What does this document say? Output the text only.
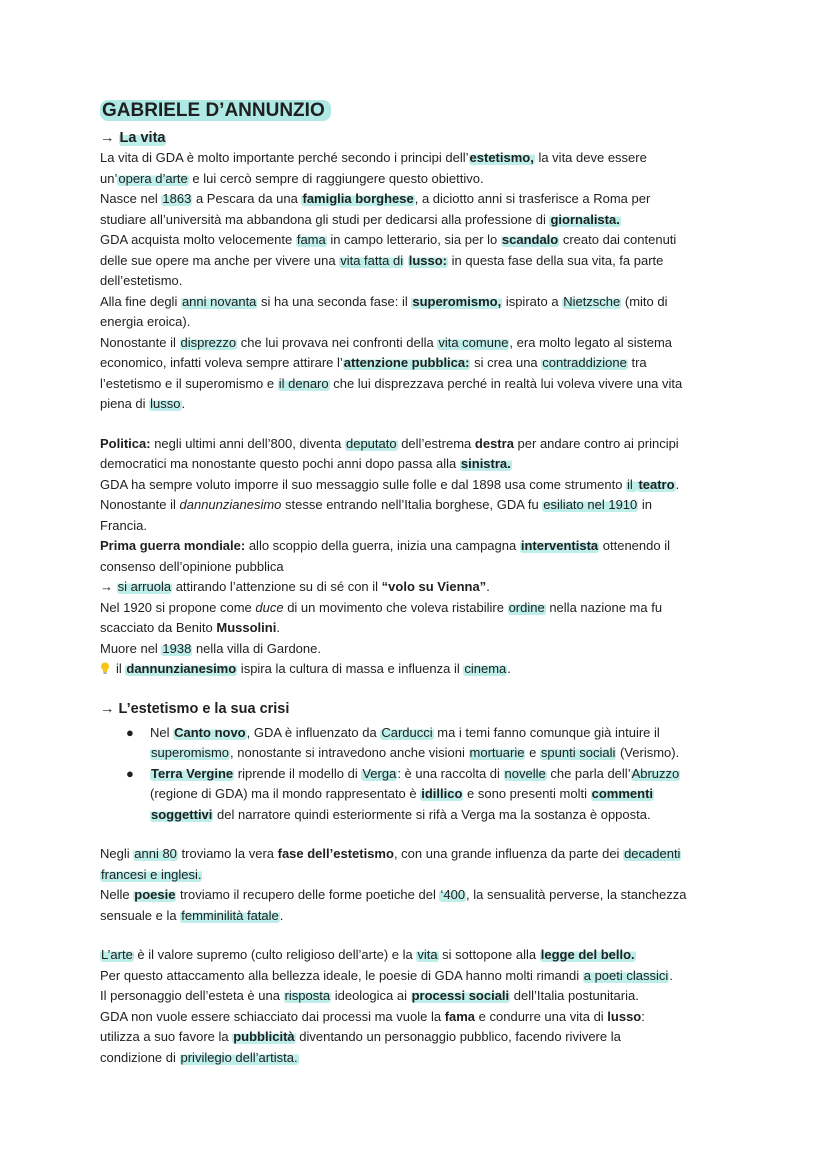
GABRIELE D’ANNUNZIO
→ La vita

La vita di GDA è molto importante perché secondo i principi dell’estetismo, la vita deve essere

un’opera d’arte e lui cercò sempre di raggiungere questo obiettivo.

Nasce nel 1863 a Pescara da una famiglia borghese, a diciotto anni si trasferisce a Roma per

studiare all’università ma abbandona gli studi per dedicarsi alla professione di giornalista.

GDA acquista molto velocemente fama in campo letterario, sia per lo scandalo creato dai contenuti

delle sue opere ma anche per vivere una vita fatta di lusso: in questa fase della sua vita, fa parte

dell’estetismo.

Alla fine degli anni novanta si ha una seconda fase: il superomismo, ispirato a Nietzsche (mito di

energia eroica).

Nonostante il disprezzo che lui provava nei confronti della vita comune, era molto legato al sistema

economico, infatti voleva sempre attirare l’attenzione pubblica: si crea una contraddizione tra

l’estetismo e il superomismo e il denaro che lui disprezzava perché in realtà lui voleva vivere una vita

piena di lusso.

Politica: negli ultimi anni dell’800, diventa deputato dell’estrema destra per andare contro ai principi

democratici ma nonostante questo pochi anni dopo passa alla sinistra.

GDA ha sempre voluto imporre il suo messaggio sulle folle e dal 1898 usa come strumento il teatro.

Nonostante il dannunzianesimo stesse entrando nell’Italia borghese, GDA fu esiliato nel 1910 in

Francia.

Prima guerra mondiale: allo scoppio della guerra, inizia una campagna interventista ottenendo il

consenso dell’opinione pubblica

→ si arruola attirando l’attenzione su di sé con il “volo su Vienna”.

Nel 1920 si propone come duce di un movimento che voleva ristabilire ordine nella nazione ma fu

scacciato da Benito Mussolini.

Muore nel 1938 nella villa di Gardone.

il dannunzianesimo ispira la cultura di massa e influenza il cinema.

→ L’estetismo e la sua crisi
● Nel Canto novo, GDA è influenzato da Carducci ma i temi fanno comunque già intuire il

superomismo, nonostante si intravedono anche visioni mortuarie e spunti sociali (Verismo).

● Terra Vergine riprende il modello di Verga: è una raccolta di novelle che parla dell’Abruzzo

(regione di GDA) ma il mondo rappresentato è idillico e sono presenti molti commenti

soggettivi del narratore quindi esteriormente si rifà a Verga ma la sostanza è opposta.

Negli anni 80 troviamo la vera fase dell’estetismo, con una grande influenza da parte dei decadenti

francesi e inglesi.

Nelle poesie troviamo il recupero delle forme poetiche del ‘400, la sensualità perverse, la stanchezza

sensuale e la femminilità fatale.

L’arte è il valore supremo (culto religioso dell’arte) e la vita si sottopone alla legge del bello.

Per questo attaccamento alla bellezza ideale, le poesie di GDA hanno molti rimandi a poeti classici.

Il personaggio dell’esteta è una risposta ideologica ai processi sociali dell’Italia postunitaria.

GDA non vuole essere schiacciato dai processi ma vuole la fama e condurre una vita di lusso:

utilizza a suo favore la pubblicità diventando un personaggio pubblico, facendo rivivere la

condizione di privilegio dell’artista.
